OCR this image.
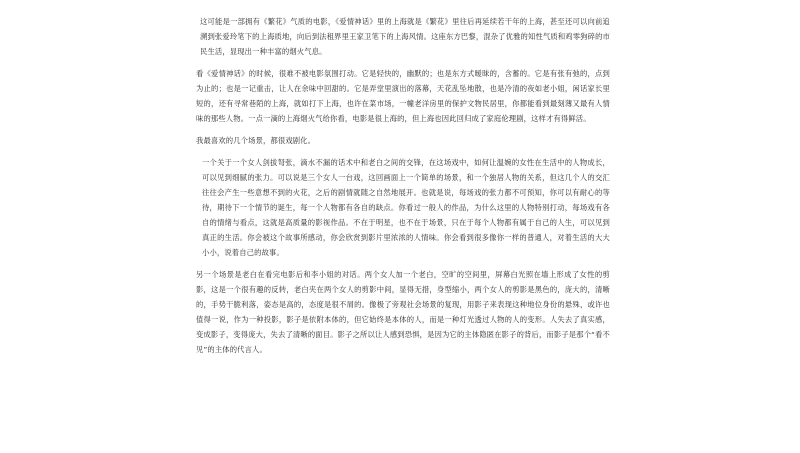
这可能是一部拥有《繁花》气质的电影，《爱情神话》里的上海就是《繁花》里往后再延续若干年的上海，甚至还可以向前追溯到张爱玲笔下的上海质地，向后到法租界里王家卫笔下的上海风情。这座东方巴黎，混杂了优雅的知性气质和鸡零狗碎的市民生活，显现出一种丰富的烟火气息。

看《爱情神话》的时候，很难不被电影氛围打动。它是轻快的，幽默的；也是东方式暧昧的，含蓄的。它是有张有弛的，点到为止的；也是一记重击，让人在余味中回甜的。它是弄堂里演出的落幕，天花乱坠地散，也是冷清的夜如老小姐，闲话家长里短的，还有寻常巷陌的上海，就如打下上海，也许在菜市场，一幢老洋房里的保护文物民居里，你都能看到最刻薄又最有人情味的那些人物。一点一滴的上海烟火气给你看，电影是很上海的，但上海也因此回归成了家庭伦理剧，这样才有得鲜活。

我最喜欢的几个场景，都很戏剧化。

一个关于一个女人剑拔弩张，滴水不漏的话术中和老白之间的交锋，在这场戏中，如何让温婉的女性在生活中的人物成长，可以见到细腻的张力。可以说是三个女人一台戏，这回画面上一个简单的场景，和一个独居人物的关系，但这几个人的交汇往往会产生一些意想不到的火花，之后的剧情就随之自然地展开。也就是说，每场戏的张力都不可预知，你可以有耐心的等待，期待下一个情节的诞生，每一个人物都有各自的缺点。你看过一般人的作品，为什么这里的人物特别打动，每场戏有各自的情绪与看点，这就是高质量的影视作品。不在于明星，也不在于场景，只在于每个人物都有属于自己的人生，可以见到真正的生活。你会被这个故事所感动，你会欣赏到影片里浓浓的人情味。你会看到很多像你一样的普通人，对着生活的大大小小，说着自己的故事。

另一个场景是老白在看完电影后和李小姐的对话。两个女人加一个老白，空旷的空间里，屏幕白光照在墙上形成了女性的剪影，这是一个很有趣的反转，老白夹在两个女人的剪影中间，显得无措，身型缩小，两个女人的剪影是黑色的，庞大的，清晰的，手势干脆利落，姿态是高的，态度是很不屑的。像极了旁观社会场景的复现，用影子来表现这种地位身份的悬殊，或许也值得一说，作为一种投影，影子是依附本体的，但它始终是本体的人，而是一种灯光透过人物的人的变形。人失去了真实感，变成影子，变得庞大，失去了清晰的面目。影子之所以让人感到恐惧，是因为它的主体隐匿在影子的背后，而影子是那个“看不见”的主体的代言人。
